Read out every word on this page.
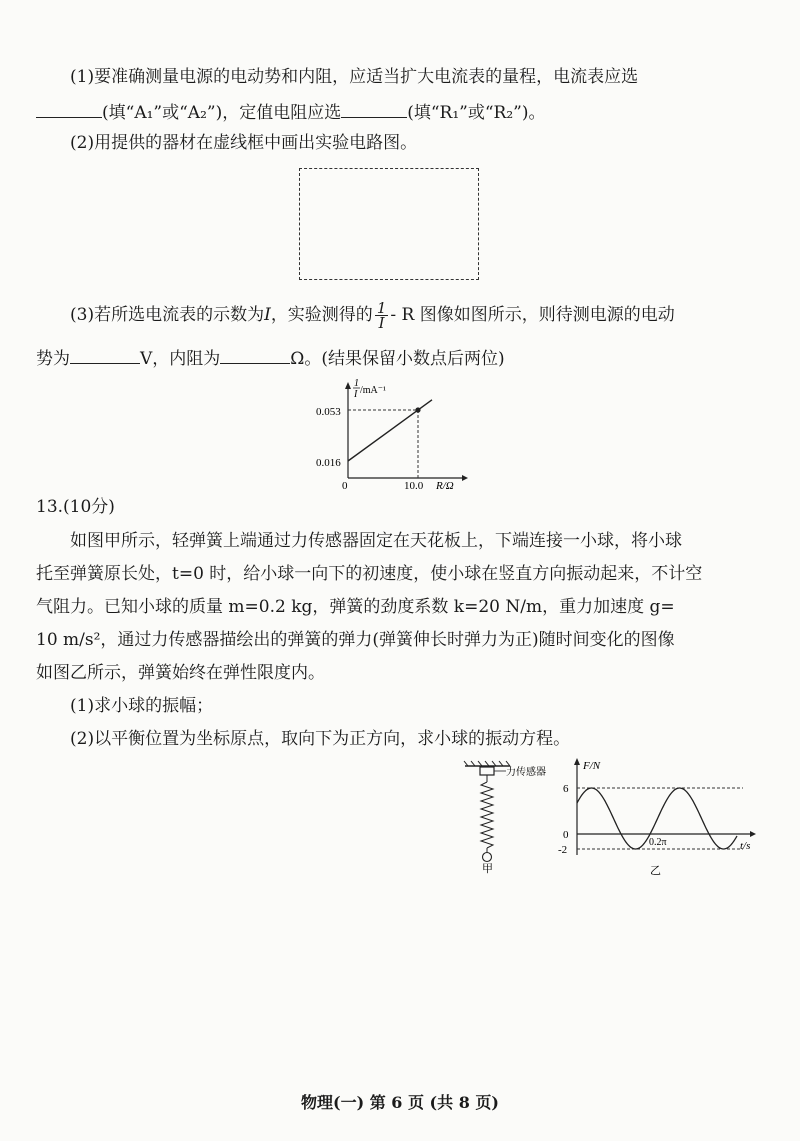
(1)要准确测量电源的电动势和内阻，应适当扩大电流表的量程，电流表应选
(填“A₁”或“A₂”)，定值电阻应选	(填“R₁”或“R₂”)。
(2)用提供的器材在虚线框中画出实验电路图。
(3)若所选电流表的示数为I，实验测得的 $\frac{1}{I}$ - R 图像如图所示，则待测电源的电动
势为	V，内阻为	Ω。(结果保留小数点后两位)
1
I /mA⁻¹
0.053
0.016
0	10.0 R/Ω
13.(10分)
如图甲所示，轻弹簧上端通过力传感器固定在天花板上，下端连接一小球，将小球
托至弹簧原长处，t=0 时，给小球一向下的初速度，使小球在竖直方向振动起来，不计空
气阻力。已知小球的质量 m=0.2 kg，弹簧的劲度系数 k=20 N/m，重力加速度 g=
10 m/s²，通过力传感器描绘出的弹簧的弹力(弹簧伸长时弹力为正)随时间变化的图像
如图乙所示，弹簧始终在弹性限度内。
(1)求小球的振幅；
(2)以平衡位置为坐标原点，取向下为正方向，求小球的振动方程。
力传感器
甲
F/N
6
0
-2
0.2π	t/s
乙
物理(一) 第 6 页 (共 8 页)
